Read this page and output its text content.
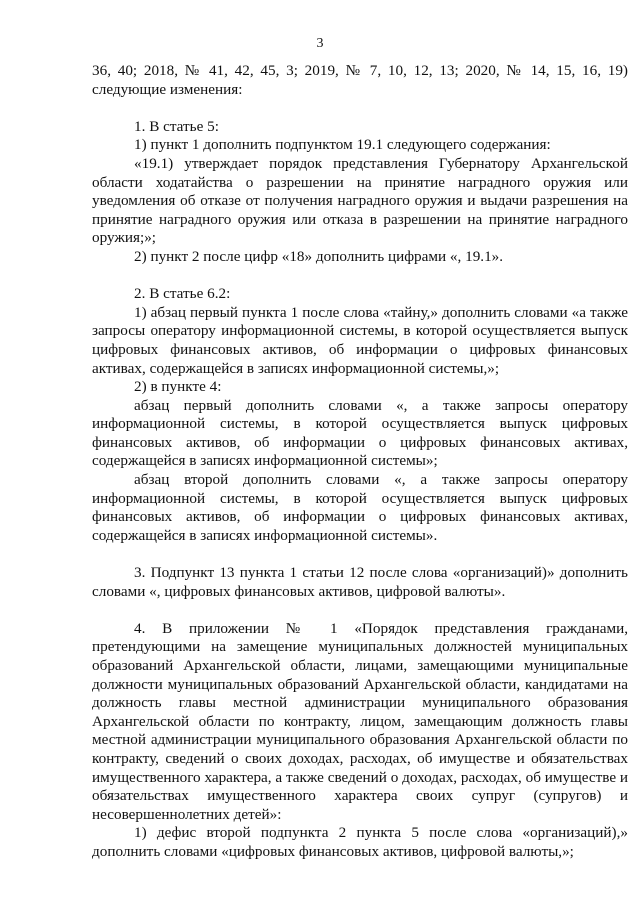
3

36, 40; 2018, № 41, 42, 45, 3; 2019, № 7, 10, 12, 13; 2020, № 14, 15, 16, 19) следующие изменения:

1. В статье 5:

1) пункт 1 дополнить подпунктом 19.1 следующего содержания:

«19.1) утверждает порядок представления Губернатору Архангельской области ходатайства о разрешении на принятие наградного оружия или уведомления об отказе от получения наградного оружия и выдачи разрешения на принятие наградного оружия или отказа в разрешении на принятие наградного оружия;»;

2) пункт 2 после цифр «18» дополнить цифрами «, 19.1».

2. В статье 6.2:

1) абзац первый пункта 1 после слова «тайну,» дополнить словами «а также запросы оператору информационной системы, в которой осуществляется выпуск цифровых финансовых активов, об информации о цифровых финансовых активах, содержащейся в записях информационной системы,»;

2) в пункте 4:

абзац первый дополнить словами «, а также запросы оператору информационной системы, в которой осуществляется выпуск цифровых финансовых активов, об информации о цифровых финансовых активах, содержащейся в записях информационной системы»;

абзац второй дополнить словами «, а также запросы оператору информационной системы, в которой осуществляется выпуск цифровых финансовых активов, об информации о цифровых финансовых активах, содержащейся в записях информационной системы».

3. Подпункт 13 пункта 1 статьи 12 после слова «организаций)» дополнить словами «, цифровых финансовых активов, цифровой валюты».

4. В приложении № 1 «Порядок представления гражданами, претендующими на замещение муниципальных должностей муниципальных образований Архангельской области, лицами, замещающими муниципальные должности муниципальных образований Архангельской области, кандидатами на должность главы местной администрации муниципального образования Архангельской области по контракту, лицом, замещающим должность главы местной администрации муниципального образования Архангельской области по контракту, сведений о своих доходах, расходах, об имуществе и обязательствах имущественного характера, а также сведений о доходах, расходах, об имуществе и обязательствах имущественного характера своих супруг (супругов) и несовершеннолетних детей»:

1) дефис второй подпункта 2 пункта 5 после слова «организаций),» дополнить словами «цифровых финансовых активов, цифровой валюты,»;
